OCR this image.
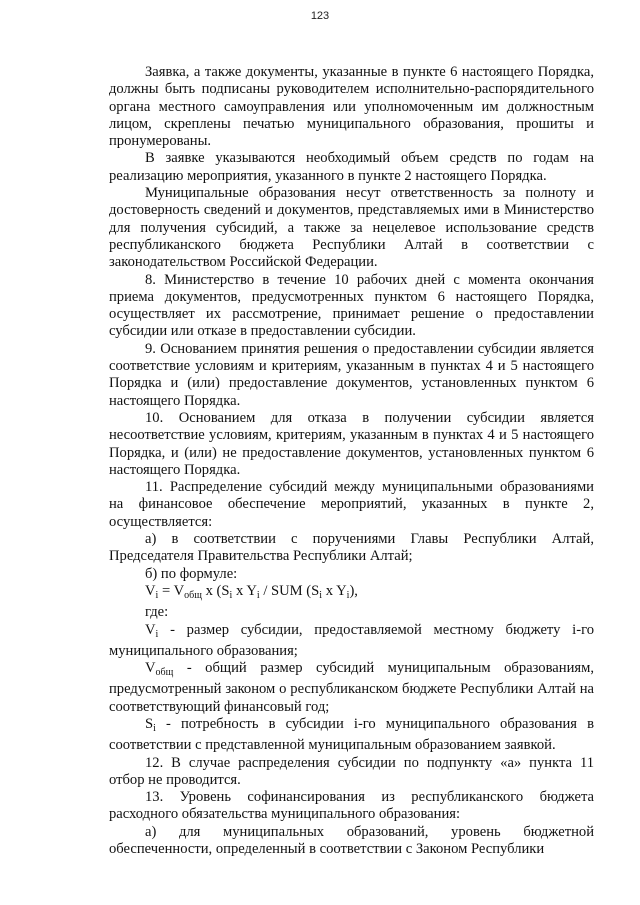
123

Заявка, а также документы, указанные в пункте 6 настоящего Порядка, должны быть подписаны руководителем исполнительно-распорядительного органа местного самоуправления или уполномоченным им должностным лицом, скреплены печатью муниципального образования, прошиты и пронумерованы.

В заявке указываются необходимый объем средств по годам на реализацию мероприятия, указанного в пункте 2 настоящего Порядка.

Муниципальные образования несут ответственность за полноту и достоверность сведений и документов, представляемых ими в Министерство для получения субсидий, а также за нецелевое использование средств республиканского бюджета Республики Алтай в соответствии с законодательством Российской Федерации.

8. Министерство в течение 10 рабочих дней с момента окончания приема документов, предусмотренных пунктом 6 настоящего Порядка, осуществляет их рассмотрение, принимает решение о предоставлении субсидии или отказе в предоставлении субсидии.

9. Основанием принятия решения о предоставлении субсидии является соответствие условиям и критериям, указанным в пунктах 4 и 5 настоящего Порядка и (или) предоставление документов, установленных пунктом 6 настоящего Порядка.

10. Основанием для отказа в получении субсидии является несоответствие условиям, критериям, указанным в пунктах 4 и 5 настоящего Порядка, и (или) не предоставление документов, установленных пунктом 6 настоящего Порядка.

11. Распределение субсидий между муниципальными образованиями на финансовое обеспечение мероприятий, указанных в пункте 2, осуществляется:

а) в соответствии с поручениями Главы Республики Алтай, Председателя Правительства Республики Алтай;

б) по формуле:

$V_i = V_{общ}$ x ($S_i$ x $Y_i$ / SUM ($S_i$ x $Y_i$),

где:

$V_i$ - размер субсидии, предоставляемой местному бюджету i-го муниципального образования;

$V_{общ}$ - общий размер субсидий муниципальным образованиям, предусмотренный законом о республиканском бюджете Республики Алтай на соответствующий финансовый год;

$S_i$ - потребность в субсидии i-го муниципального образования в соответствии с представленной муниципальным образованием заявкой.

12. В случае распределения субсидии по подпункту «а» пункта 11 отбор не проводится.

13. Уровень софинансирования из республиканского бюджета расходного обязательства муниципального образования:

а) для муниципальных образований, уровень бюджетной обеспеченности, определенный в соответствии с Законом Республики
